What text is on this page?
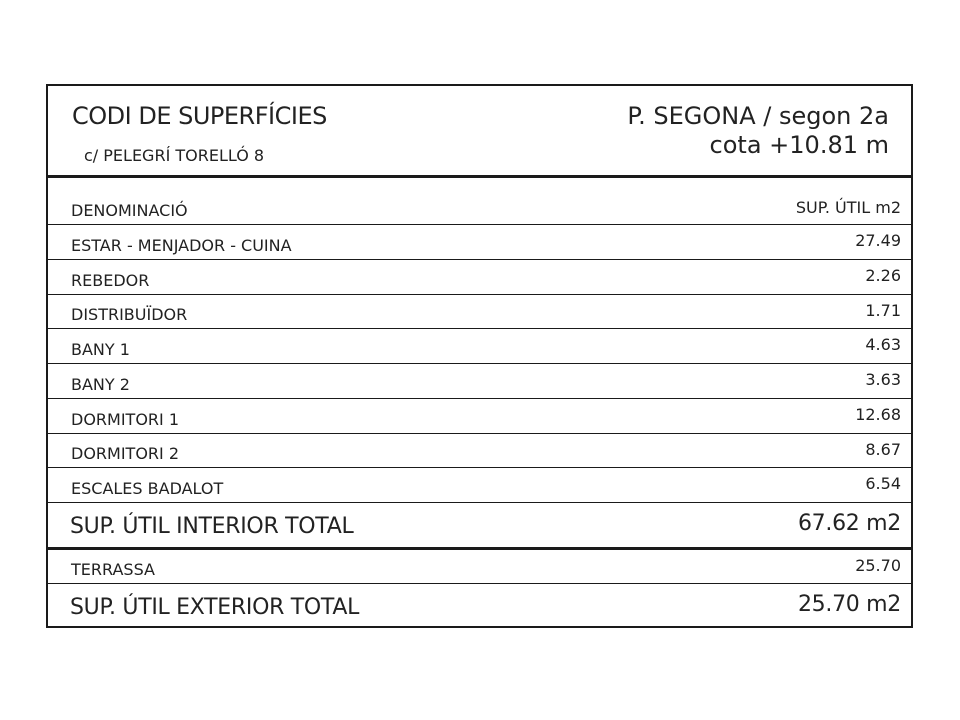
CODI DE SUPERFÍCIES
c/ PELEGRÍ TORELLÓ 8
P. SEGONA / segon 2a
cota +10.81 m
DENOMINACIÓ	SUP. ÚTIL m2
ESTAR - MENJADOR - CUINA	27.49
REBEDOR	2.26
DISTRIBUÏDOR	1.71
BANY 1	4.63
BANY 2	3.63
DORMITORI 1	12.68
DORMITORI 2	8.67
ESCALES BADALOT	6.54
SUP. ÚTIL INTERIOR TOTAL	67.62 m2
TERRASSA	25.70
SUP. ÚTIL EXTERIOR TOTAL	25.70 m2
